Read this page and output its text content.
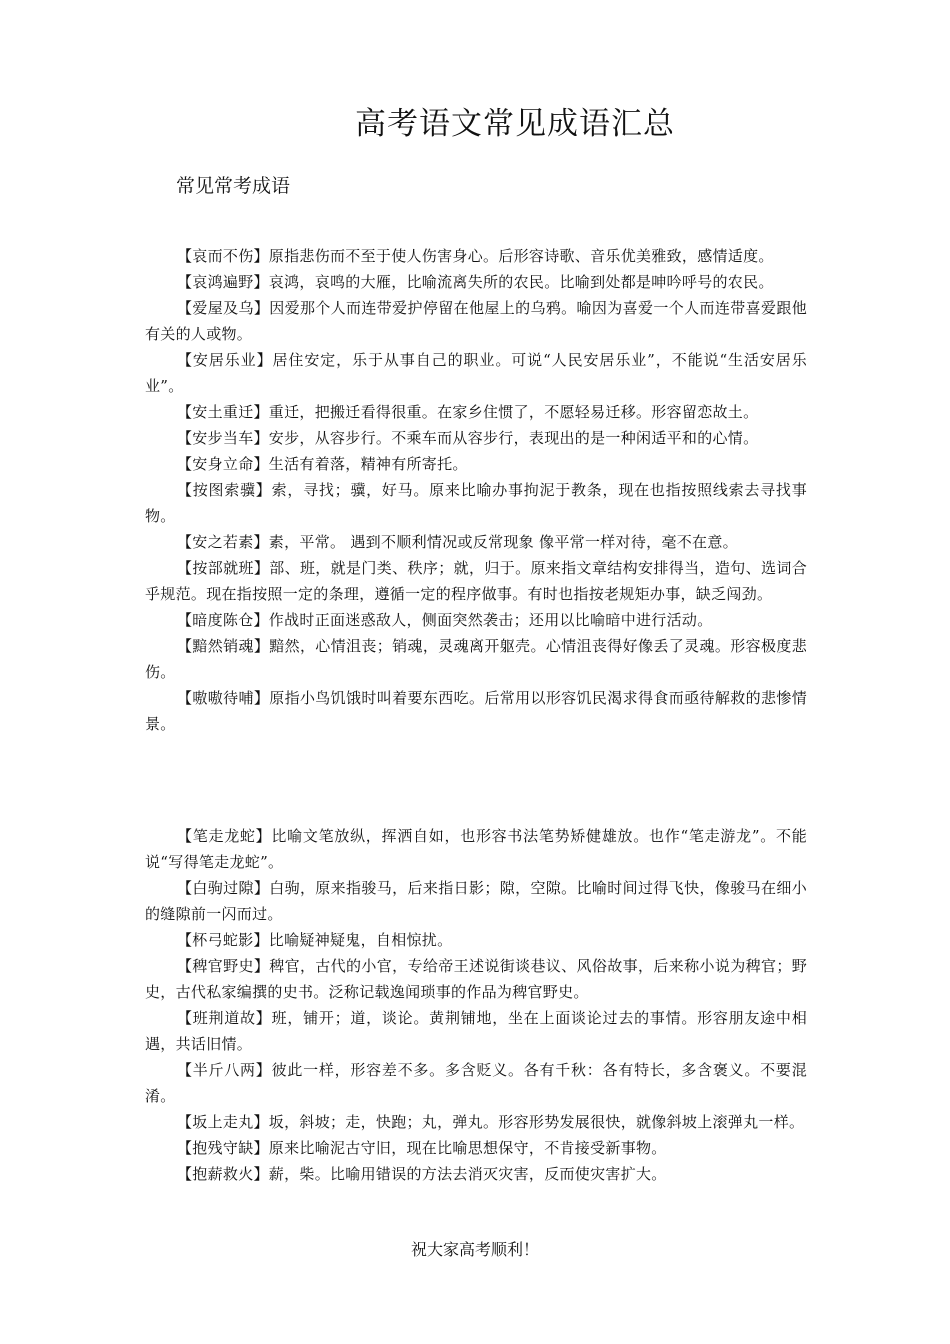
高考语文常见成语汇总
常见常考成语

【哀而不伤】原指悲伤而不至于使人伤害身心。后形容诗歌、音乐优美雅致，感情适度。

【哀鸿遍野】哀鸿，哀鸣的大雁，比喻流离失所的农民。比喻到处都是呻吟呼号的农民。

【爱屋及乌】因爱那个人而连带爱护停留在他屋上的乌鸦。喻因为喜爱一个人而连带喜爱跟他有关的人或物。

【安居乐业】居住安定，乐于从事自己的职业。可说“人民安居乐业”，不能说“生活安居乐业”。

【安土重迁】重迁，把搬迁看得很重。在家乡住惯了，不愿轻易迁移。形容留恋故土。

【安步当车】安步，从容步行。不乘车而从容步行，表现出的是一种闲适平和的心情。

【安身立命】生活有着落，精神有所寄托。

【按图索骥】索，寻找；骥，好马。原来比喻办事拘泥于教条，现在也指按照线索去寻找事物。

【安之若素】素，平常。 遇到不顺利情况或反常现象 像平常一样对待，毫不在意。

【按部就班】部、班，就是门类、秩序；就，归于。原来指文章结构安排得当，造句、选词合乎规范。现在指按照一定的条理，遵循一定的程序做事。有时也指按老规矩办事，缺乏闯劲。

【暗度陈仓】作战时正面迷惑敌人，侧面突然袭击；还用以比喻暗中进行活动。

【黯然销魂】黯然，心情沮丧；销魂，灵魂离开躯壳。心情沮丧得好像丢了灵魂。形容极度悲伤。

【嗷嗷待哺】原指小鸟饥饿时叫着要东西吃。后常用以形容饥民渴求得食而亟待解救的悲惨情景。

【笔走龙蛇】比喻文笔放纵，挥洒自如，也形容书法笔势矫健雄放。也作“笔走游龙”。不能说“写得笔走龙蛇”。

【白驹过隙】白驹，原来指骏马，后来指日影；隙，空隙。比喻时间过得飞快，像骏马在细小的缝隙前一闪而过。

【杯弓蛇影】比喻疑神疑鬼，自相惊扰。

【稗官野史】稗官，古代的小官，专给帝王述说街谈巷议、风俗故事，后来称小说为稗官；野史，古代私家编撰的史书。泛称记载逸闻琐事的作品为稗官野史。

【班荆道故】班，铺开；道，谈论。黄荆铺地，坐在上面谈论过去的事情。形容朋友途中相遇，共话旧情。

【半斤八两】彼此一样，形容差不多。多含贬义。各有千秋：各有特长，多含褒义。不要混淆。

【坂上走丸】坂，斜坡；走，快跑；丸，弹丸。形容形势发展很快，就像斜坡上滚弹丸一样。

【抱残守缺】原来比喻泥古守旧，现在比喻思想保守，不肯接受新事物。

【抱薪救火】薪，柴。比喻用错误的方法去消灭灾害，反而使灾害扩大。

祝大家高考顺利！
